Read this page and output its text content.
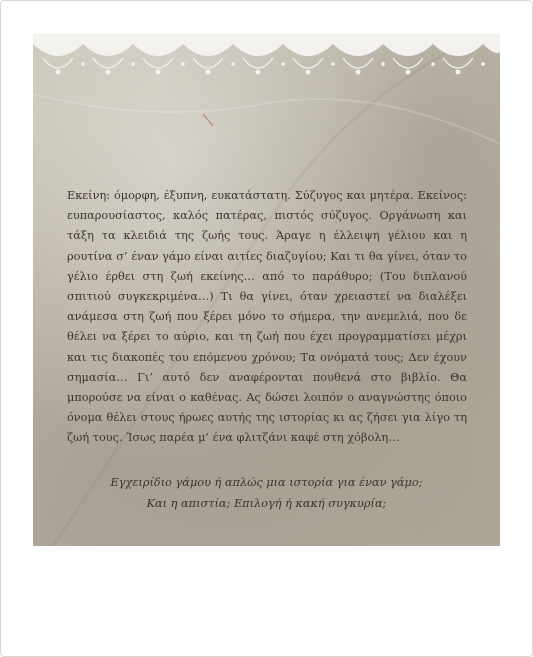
Εκείνη: όμορφη, έξυπνη, ευκατάστατη. Σύζυγος και μητέρα. Εκείνος: ευπαρουσίαστος, καλός πατέρας, πιστός σύζυγος. Οργάνωση και τάξη τα κλειδιά της ζωής τους. Άραγε η έλλειψη γέλιου και η ρουτίνα σ’ έναν γάμο είναι αιτίες διαζυγίου; Και τι θα γίνει, όταν το γέλιο έρθει στη ζωή εκείνης… από το παράθυρο; (Του διπλανού σπιτιού συγκεκριμένα…) Τι θα γίνει, όταν χρειαστεί να διαλέξει ανάμεσα στη ζωή που ξέρει μόνο το σήμερα, την ανεμελιά, που δε θέλει να ξέρει το αύριο, και τη ζωή που έχει προγραμματίσει μέχρι και τις διακοπές του επόμενου χρόνου; Τα ονόματά τους; Δεν έχουν σημασία… Γι’ αυτό δεν αναφέρονται πουθενά στο βιβλίο. Θα μπορούσε να είναι ο καθένας. Ας δώσει λοιπόν ο αναγνώστης όποιο όνομα θέλει στους ήρωες αυτής της ιστορίας κι ας ζήσει για λίγο τη ζωή τους. Ίσως παρέα μ’ ένα φλιτζάνι καφέ στη χόβολη…

Εγχειρίδιο γάμου ή απλώς μια ιστορία για έναν γάμο;
Και η απιστία; Επιλογή ή κακή συγκυρία;
